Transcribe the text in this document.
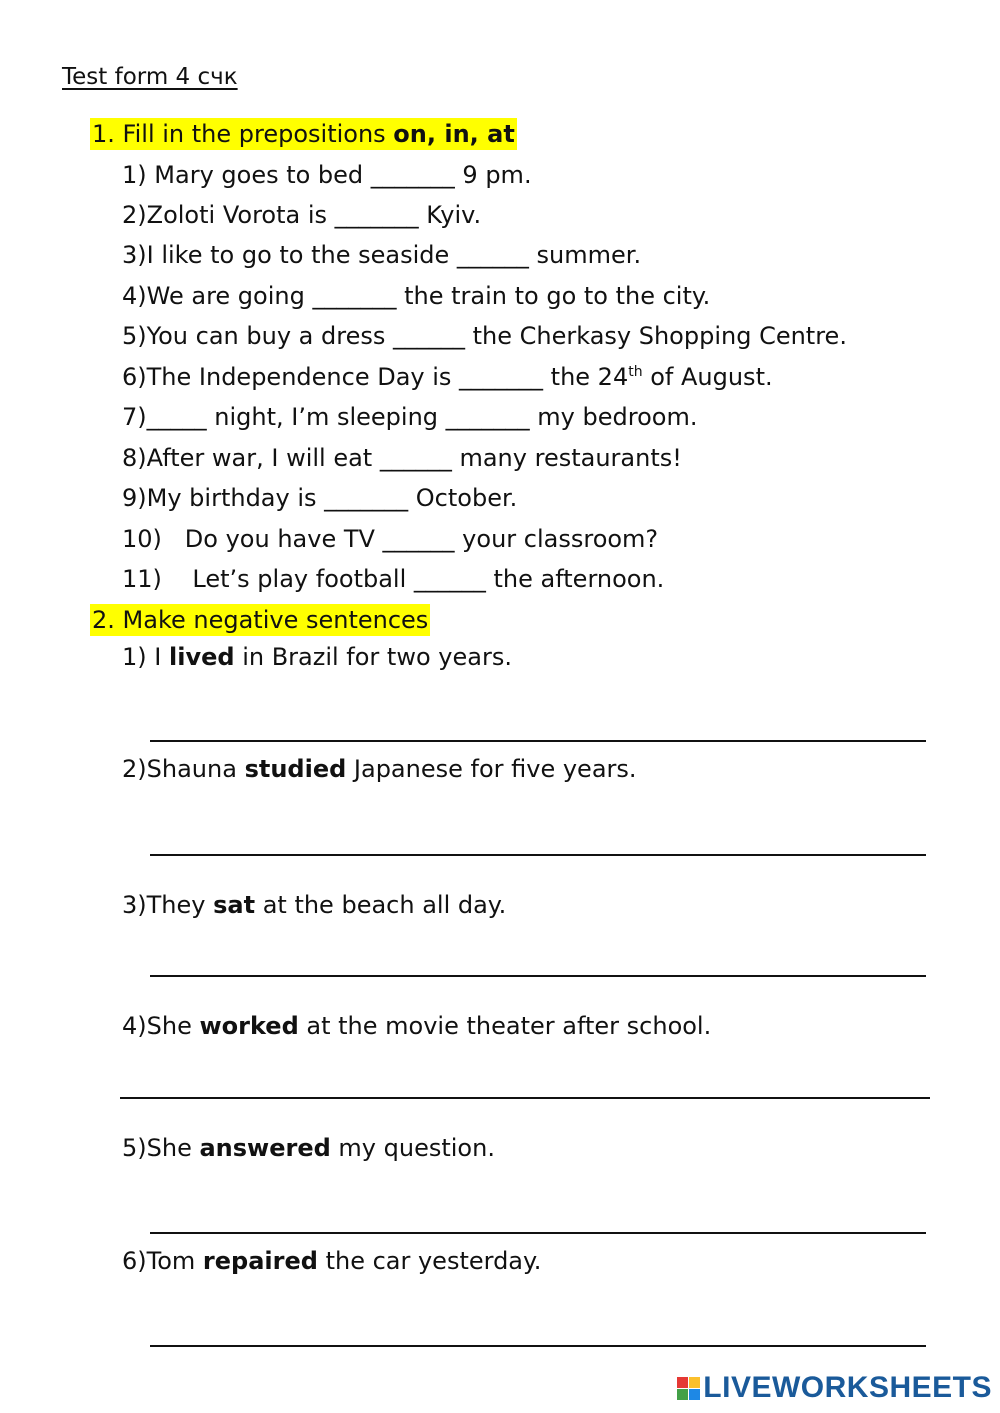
Test form 4 счк
1. Fill in the prepositions on, in, at
1) Mary goes to bed _______ 9 pm.
2)Zoloti Vorota is _______ Kyiv.
3)I like to go to the seaside ______ summer.
4)We are going _______ the train to go to the city.
5)You can buy a dress ______ the Cherkasy Shopping Centre.
6)The Independence Day is _______ the 24th of August.
7)_____ night, I’m sleeping _______ my bedroom.
8)After war, I will eat ______ many restaurants!
9)My birthday is _______ October.
10) Do you have TV ______ your classroom?
11) Let’s play football ______ the afternoon.
2. Make negative sentences
1) I lived in Brazil for two years.
2)Shauna studied Japanese for five years.
3)They sat at the beach all day.
4)She worked at the movie theater after school.
5)She answered my question.
6)Tom repaired the car yesterday.
LIVEWORKSHEETS
